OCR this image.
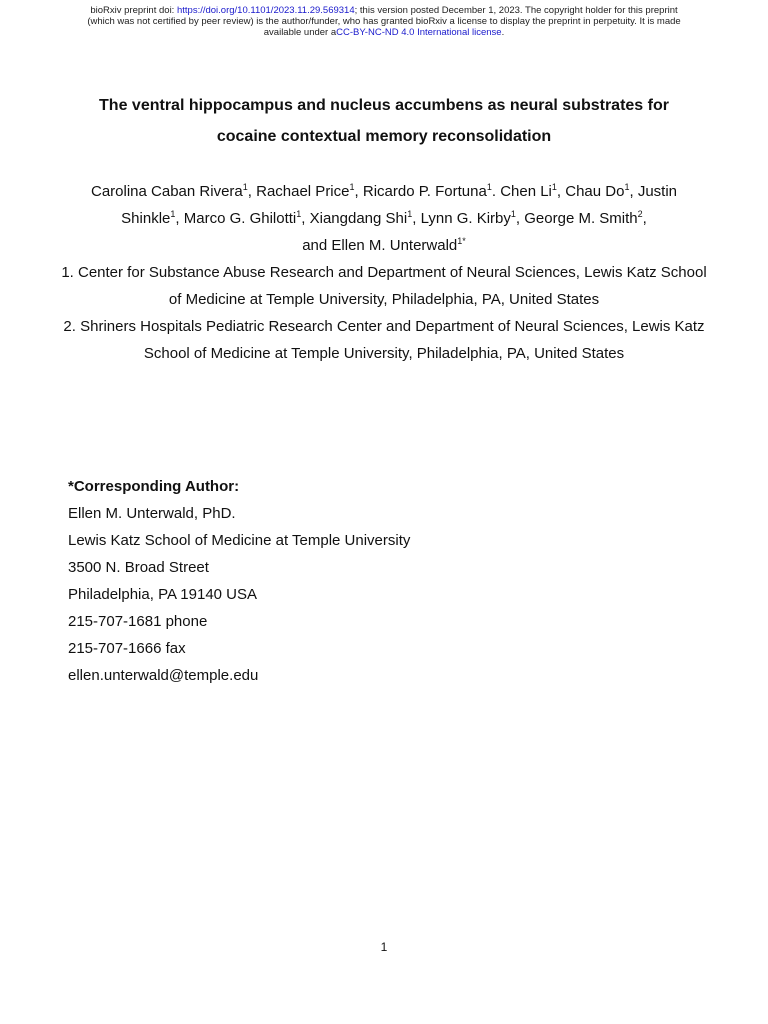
bioRxiv preprint doi: https://doi.org/10.1101/2023.11.29.569314; this version posted December 1, 2023. The copyright holder for this preprint
(which was not certified by peer review) is the author/funder, who has granted bioRxiv a license to display the preprint in perpetuity. It is made
available under aCC-BY-NC-ND 4.0 International license.
The ventral hippocampus and nucleus accumbens as neural substrates for
cocaine contextual memory reconsolidation
Carolina Caban Rivera$^1$, Rachael Price$^1$, Ricardo P. Fortuna$^1$. Chen Li$^1$, Chau Do$^1$, Justin Shinkle$^1$, Marco G. Ghilotti$^1$, Xiangdang Shi$^1$, Lynn G. Kirby$^1$, George M. Smith$^2$,
and Ellen M. Unterwald$^{1*}$
1. Center for Substance Abuse Research and Department of Neural Sciences, Lewis Katz School of Medicine at Temple University, Philadelphia, PA, United States
2. Shriners Hospitals Pediatric Research Center and Department of Neural Sciences, Lewis Katz School of Medicine at Temple University, Philadelphia, PA, United States
*Corresponding Author:
Ellen M. Unterwald, PhD.
Lewis Katz School of Medicine at Temple University
3500 N. Broad Street
Philadelphia, PA 19140 USA
215-707-1681 phone
215-707-1666 fax
ellen.unterwald@temple.edu
1
